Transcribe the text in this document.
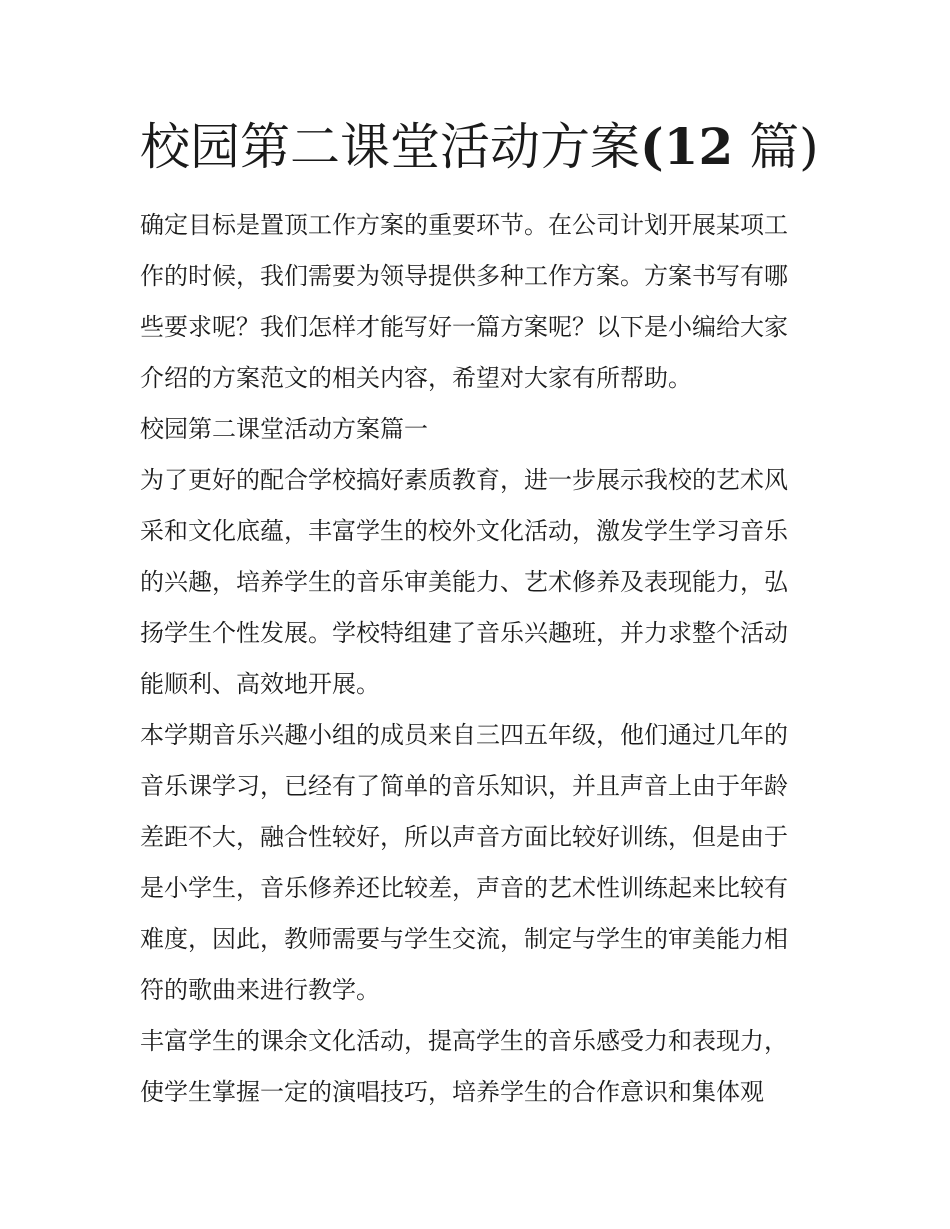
校园第二课堂活动方案(12 篇)
确定目标是置顶工作方案的重要环节。在公司计划开展某项工
作的时候，我们需要为领导提供多种工作方案。方案书写有哪
些要求呢？我们怎样才能写好一篇方案呢？以下是小编给大家
介绍的方案范文的相关内容，希望对大家有所帮助。
校园第二课堂活动方案篇一
为了更好的配合学校搞好素质教育，进一步展示我校的艺术风
采和文化底蕴，丰富学生的校外文化活动，激发学生学习音乐
的兴趣，培养学生的音乐审美能力、艺术修养及表现能力，弘
扬学生个性发展。学校特组建了音乐兴趣班，并力求整个活动
能顺利、高效地开展。
本学期音乐兴趣小组的成员来自三四五年级，他们通过几年的
音乐课学习，已经有了简单的音乐知识，并且声音上由于年龄
差距不大，融合性较好，所以声音方面比较好训练，但是由于
是小学生，音乐修养还比较差，声音的艺术性训练起来比较有
难度，因此，教师需要与学生交流，制定与学生的审美能力相
符的歌曲来进行教学。
丰富学生的课余文化活动，提高学生的音乐感受力和表现力，
使学生掌握一定的演唱技巧，培养学生的合作意识和集体观
